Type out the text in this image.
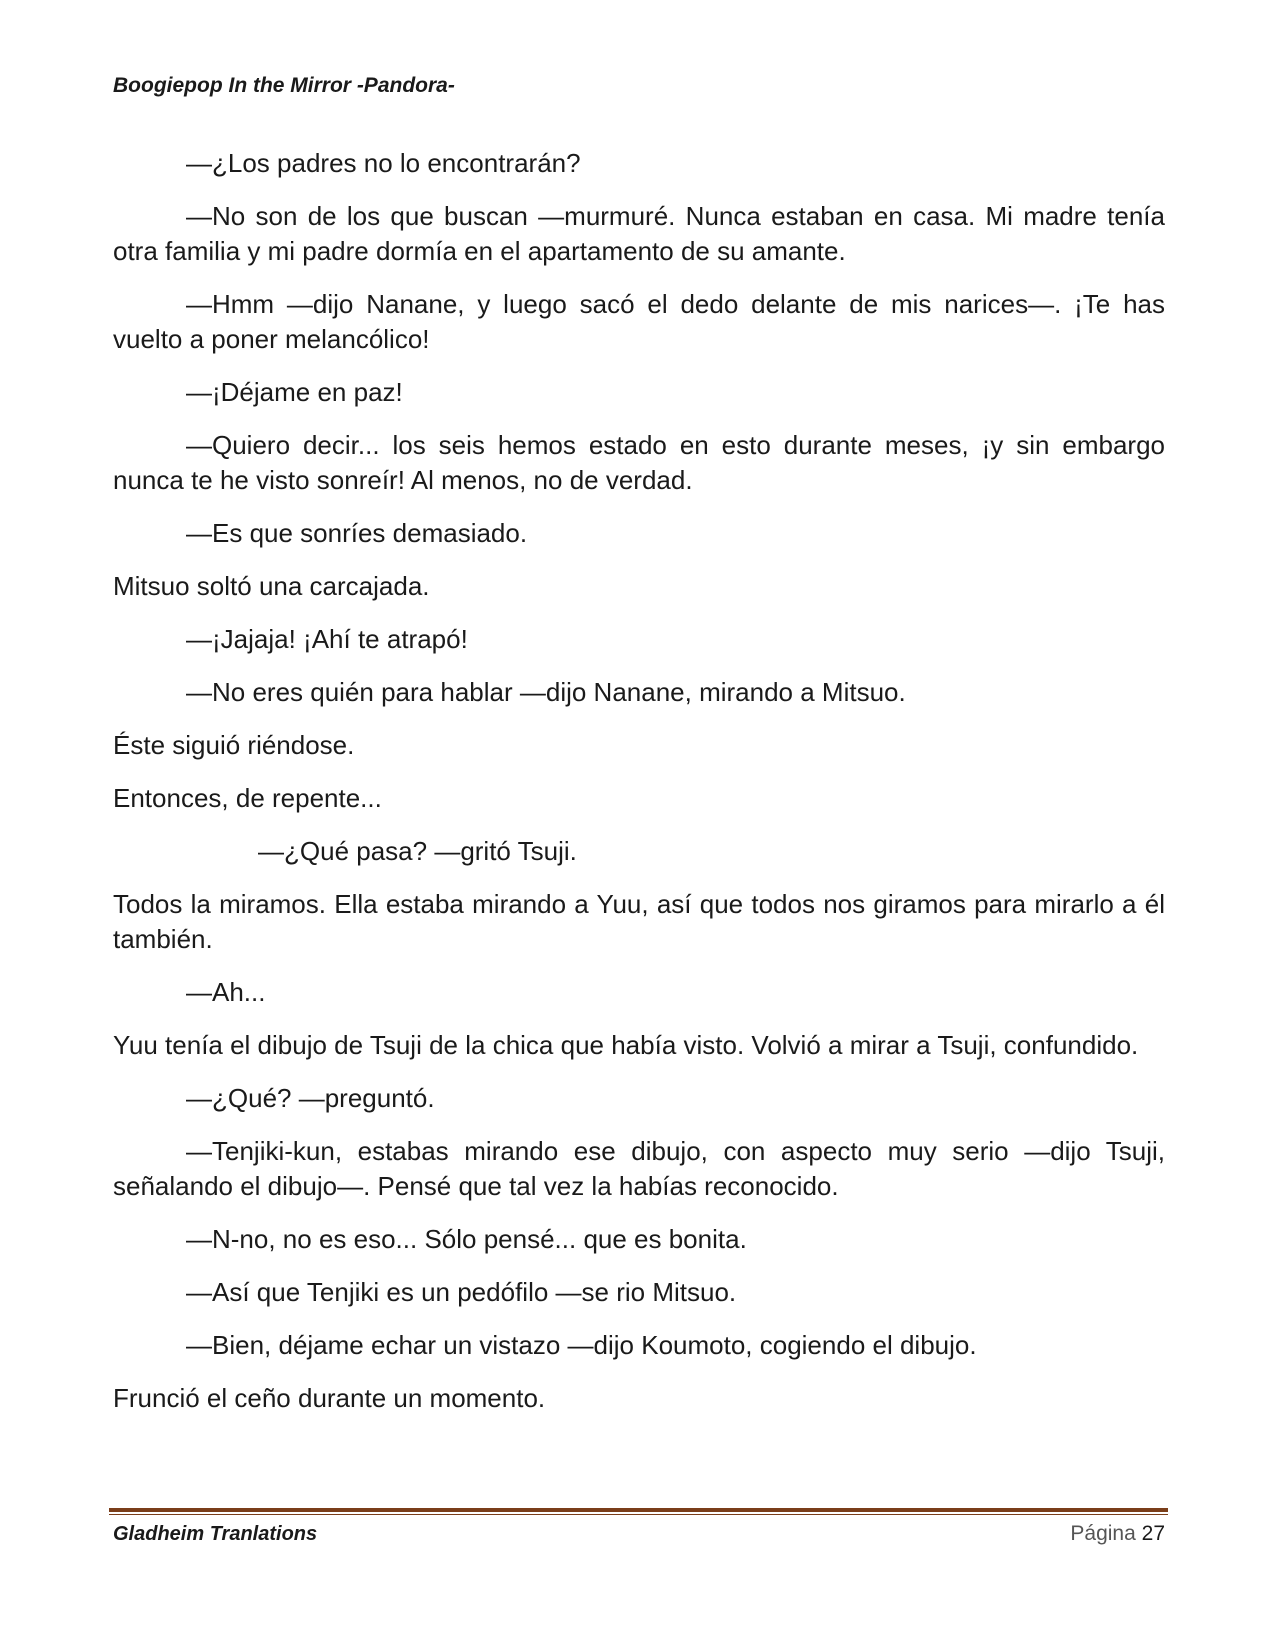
Boogiepop In the Mirror -Pandora-

—¿Los padres no lo encontrarán?

—No son de los que buscan —murmuré. Nunca estaban en casa. Mi madre tenía otra familia y mi padre dormía en el apartamento de su amante.

—Hmm —dijo Nanane, y luego sacó el dedo delante de mis narices—. ¡Te has vuelto a poner melancólico!

—¡Déjame en paz!

—Quiero decir... los seis hemos estado en esto durante meses, ¡y sin embargo nunca te he visto sonreír! Al menos, no de verdad.

—Es que sonríes demasiado.

Mitsuo soltó una carcajada.

—¡Jajaja! ¡Ahí te atrapó!

—No eres quién para hablar —dijo Nanane, mirando a Mitsuo.

Éste siguió riéndose.

Entonces, de repente...

—¿Qué pasa? —gritó Tsuji.

Todos la miramos. Ella estaba mirando a Yuu, así que todos nos giramos para mirarlo a él también.

—Ah...

Yuu tenía el dibujo de Tsuji de la chica que había visto. Volvió a mirar a Tsuji, confundido.

—¿Qué? —preguntó.

—Tenjiki-kun, estabas mirando ese dibujo, con aspecto muy serio —dijo Tsuji, señalando el dibujo—. Pensé que tal vez la habías reconocido.

—N-no, no es eso... Sólo pensé... que es bonita.

—Así que Tenjiki es un pedófilo —se rio Mitsuo.

—Bien, déjame echar un vistazo —dijo Koumoto, cogiendo el dibujo.

Frunció el ceño durante un momento.

Gladheim Tranlations	Página 27
